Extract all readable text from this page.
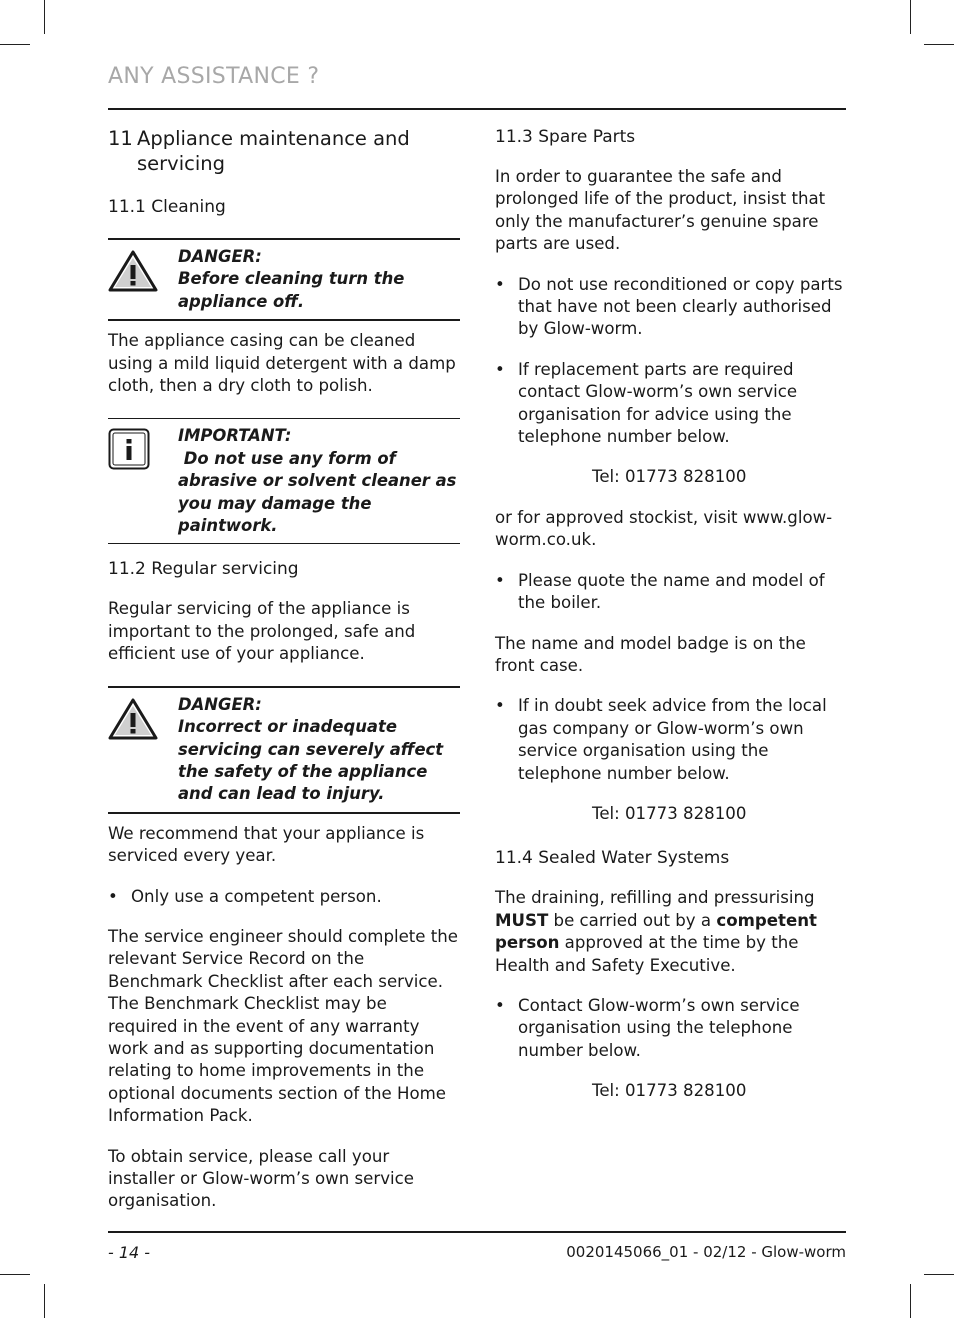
ANY ASSISTANCE ?
11 Appliance maintenance and servicing
11.1 Cleaning
DANGER:
Before cleaning turn the appliance off.

The appliance casing can be cleaned using a mild liquid detergent with a damp cloth, then a dry cloth to polish.

IMPORTANT:
Do not use any form of abrasive or solvent cleaner as you may damage the paintwork.
11.2 Regular servicing

Regular servicing of the appliance is important to the prolonged, safe and efficient use of your appliance.

DANGER:
Incorrect or inadequate servicing can severely affect the safety of the appliance and can lead to injury.

We recommend that your appliance is serviced every year.

• Only use a competent person.

The service engineer should complete the relevant Service Record on the Benchmark Checklist after each service. The Benchmark Checklist may be required in the event of any warranty work and as supporting documentation relating to home improvements in the optional documents section of the Home Information Pack.

To obtain service, please call your installer or Glow-worm’s own service organisation.

11.3 Spare Parts

In order to guarantee the safe and prolonged life of the product, insist that only the manufacturer’s genuine spare parts are used.

• Do not use reconditioned or copy parts that have not been clearly authorised by Glow-worm.
• If replacement parts are required contact Glow-worm’s own service organisation for advice using the telephone number below.
Tel: 01773 828100

or for approved stockist, visit www.glow-worm.co.uk.

• Please quote the name and model of the boiler.

The name and model badge is on the front case.

• If in doubt seek advice from the local gas company or Glow-worm’s own service organisation using the telephone number below.
Tel: 01773 828100
11.4 Sealed Water Systems

The draining, refilling and pressurising MUST be carried out by a competent person approved at the time by the Health and Safety Executive.

• Contact Glow-worm’s own service organisation using the telephone number below.
Tel: 01773 828100
- 14 -	0020145066_01 - 02/12 - Glow-worm
